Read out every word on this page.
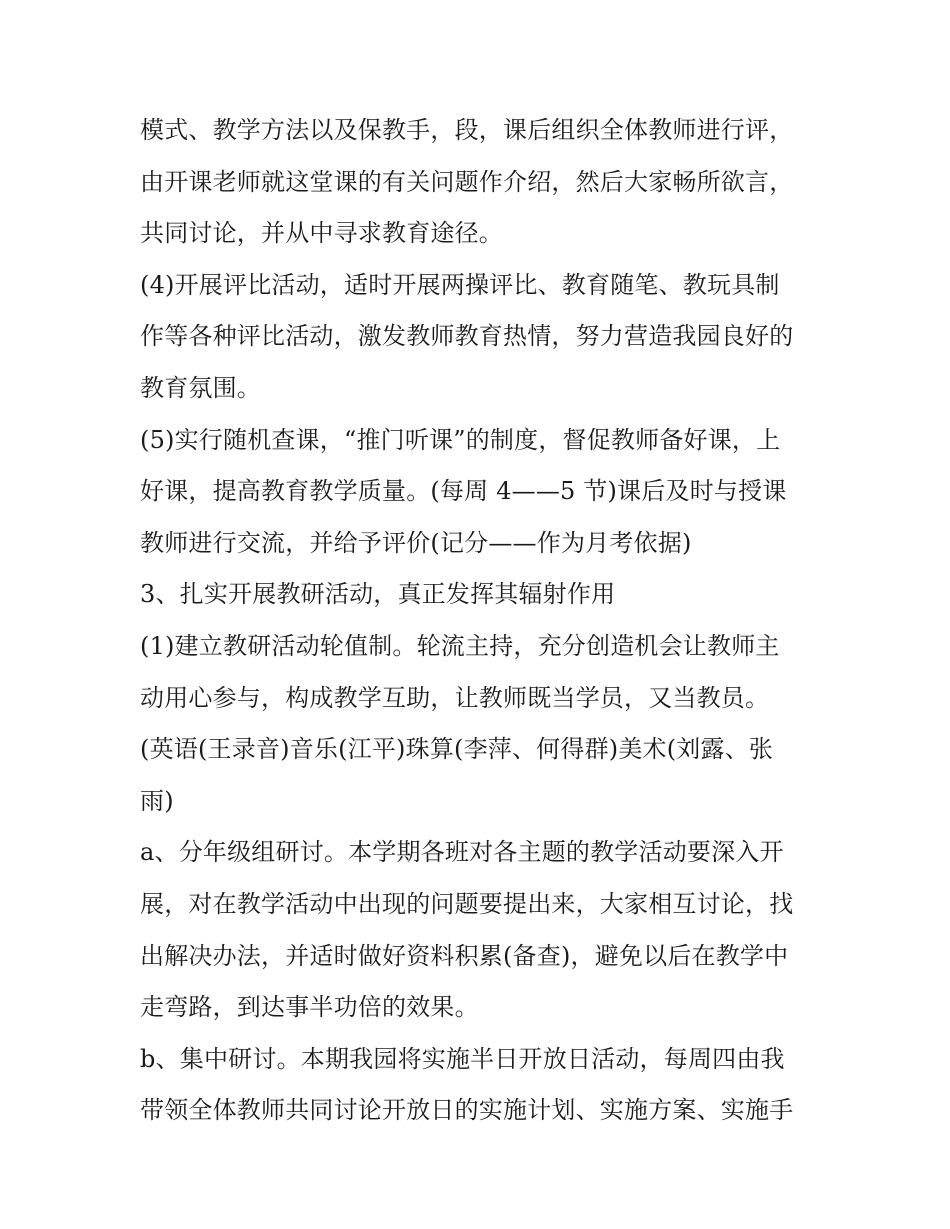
模式、教学方法以及保教手，段，课后组织全体教师进行评，
由开课老师就这堂课的有关问题作介绍，然后大家畅所欲言，
共同讨论，并从中寻求教育途径。
(4)开展评比活动，适时开展两操评比、教育随笔、教玩具制
作等各种评比活动，激发教师教育热情，努力营造我园良好的
教育氛围。
(5)实行随机查课，“推门听课”的制度，督促教师备好课，上
好课，提高教育教学质量。(每周 4——5 节)课后及时与授课
教师进行交流，并给予评价(记分——作为月考依据)
3、扎实开展教研活动，真正发挥其辐射作用
(1)建立教研活动轮值制。轮流主持，充分创造机会让教师主
动用心参与，构成教学互助，让教师既当学员，又当教员。
(英语(王录音)音乐(江平)珠算(李萍、何得群)美术(刘露、张
雨)
a、分年级组研讨。本学期各班对各主题的教学活动要深入开
展，对在教学活动中出现的问题要提出来，大家相互讨论，找
出解决办法，并适时做好资料积累(备查)，避免以后在教学中
走弯路，到达事半功倍的效果。
b、集中研讨。本期我园将实施半日开放日活动，每周四由我
带领全体教师共同讨论开放日的实施计划、实施方案、实施手
